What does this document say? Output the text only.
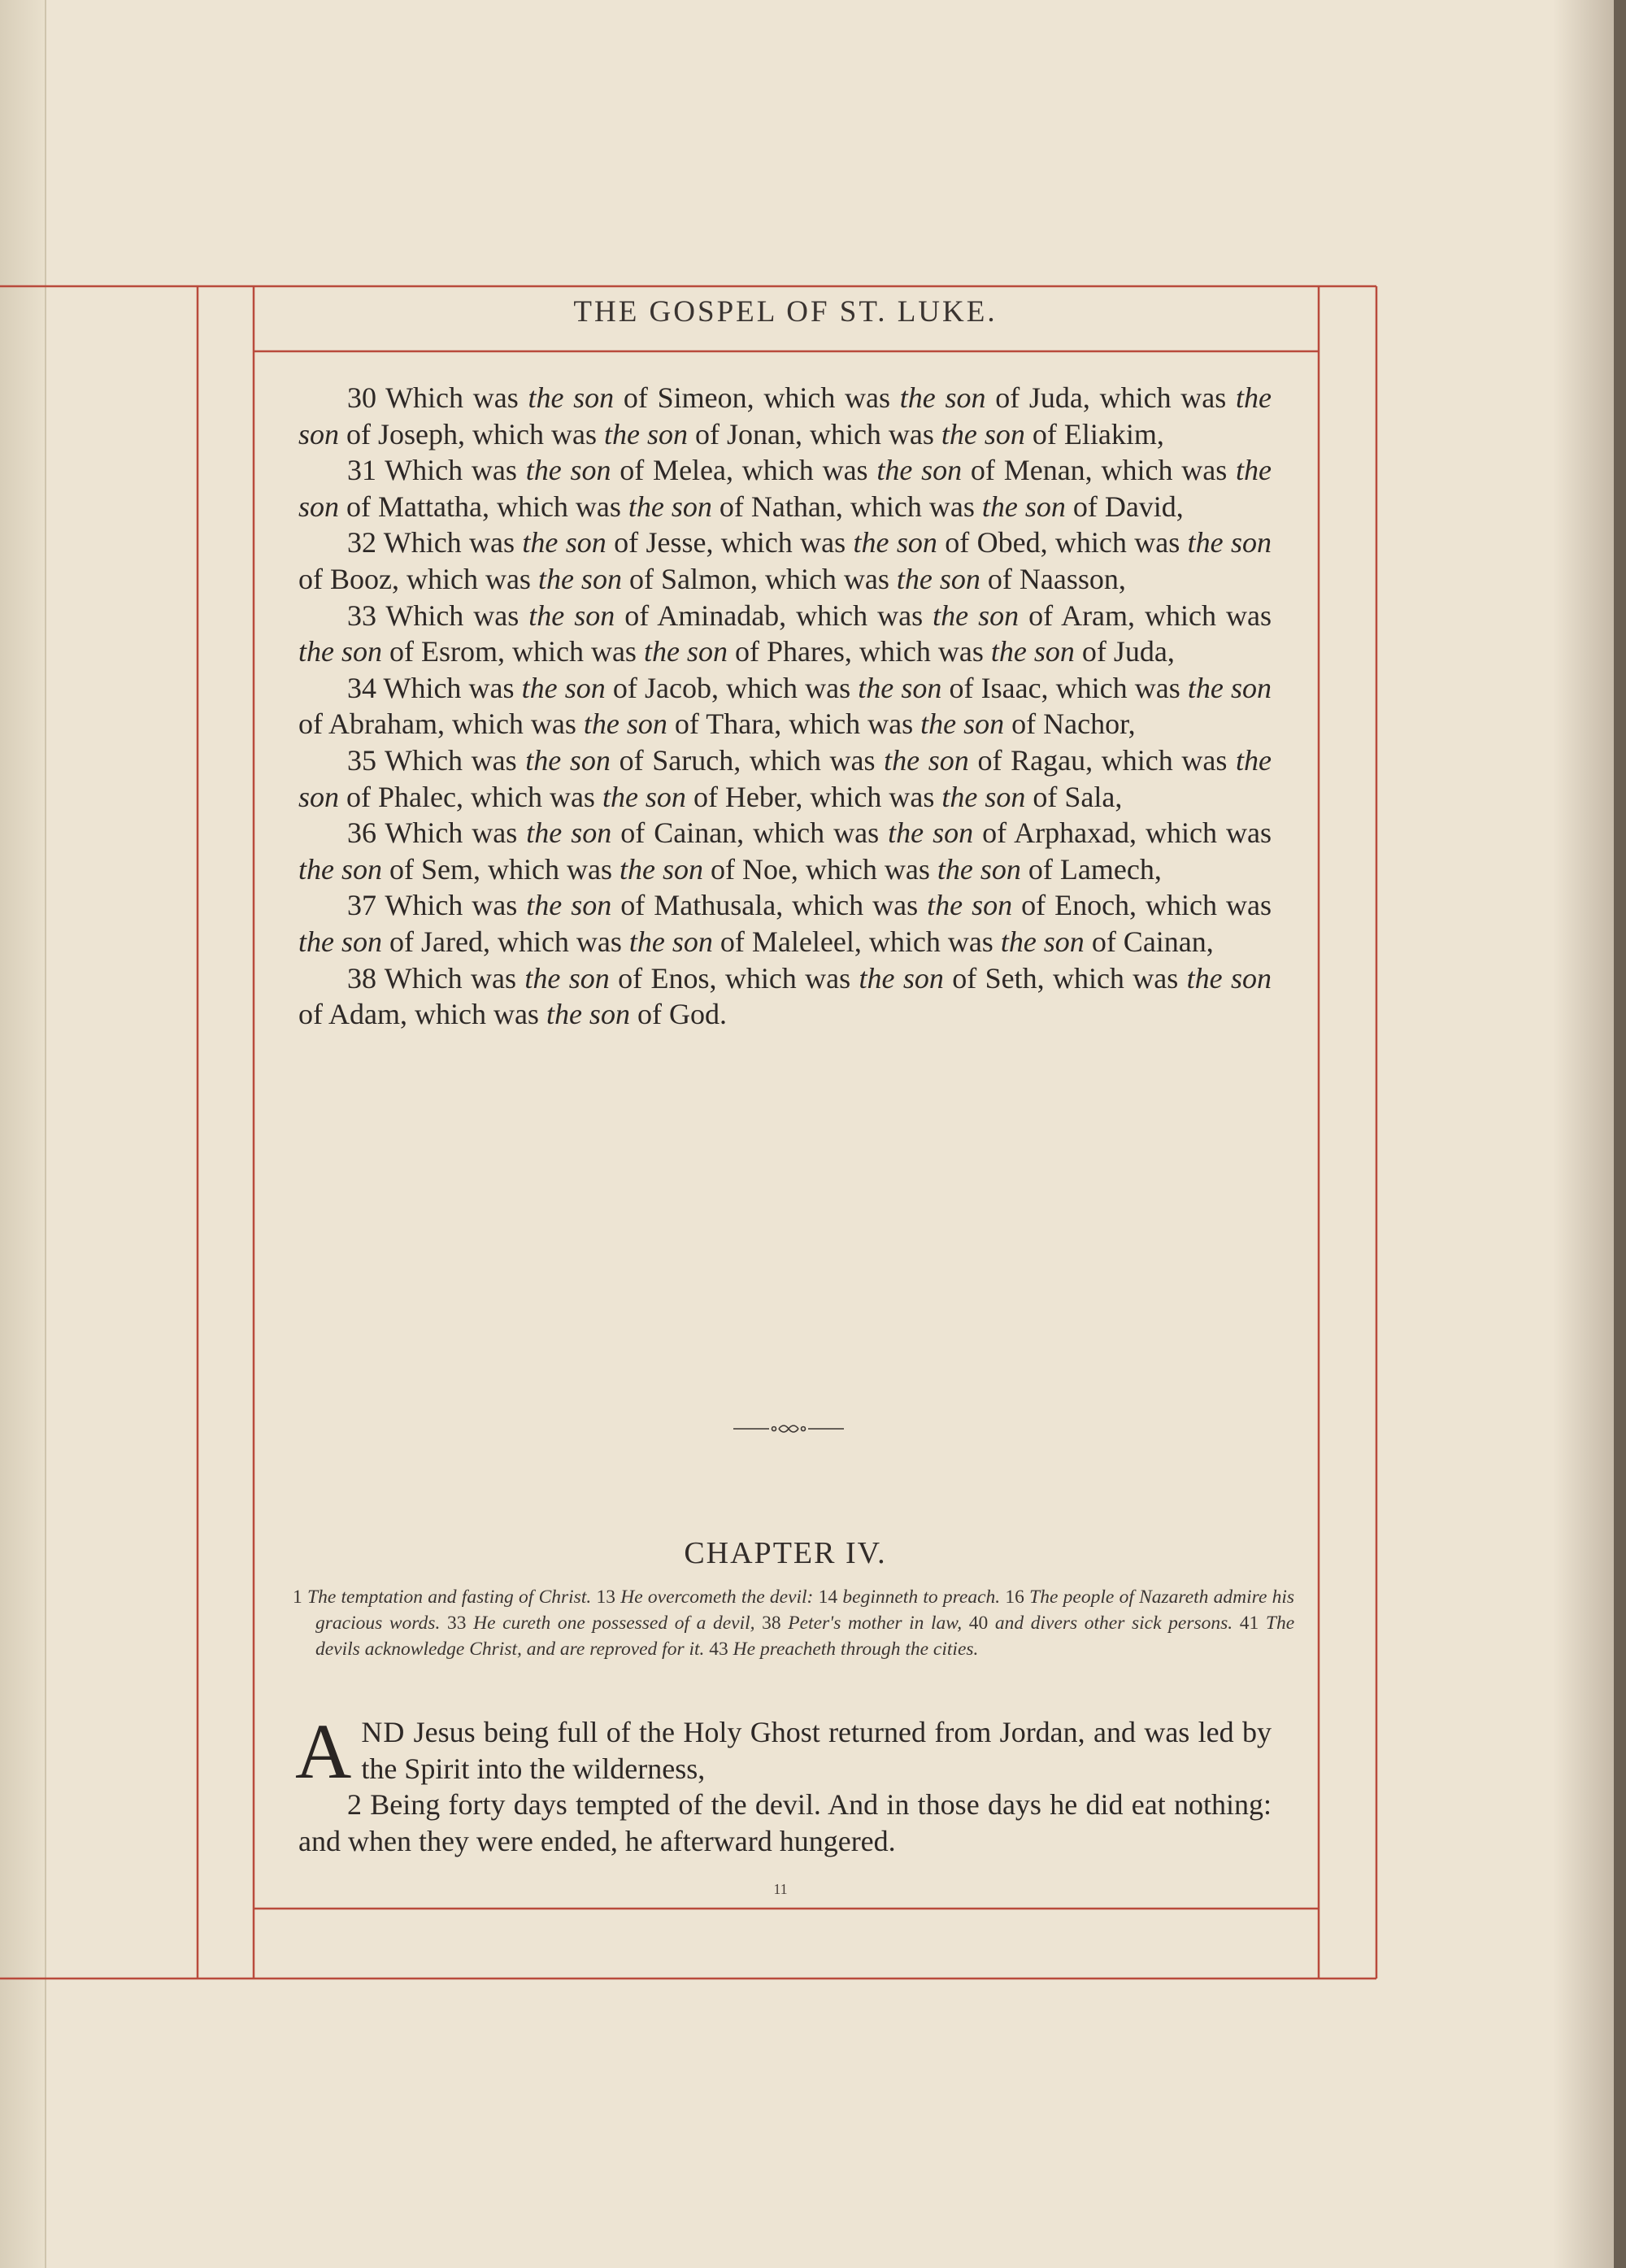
THE GOSPEL OF ST. LUKE.

30 Which was the son of Simeon, which was the son of Juda, which was the son of Joseph, which was the son of Jonan, which was the son of Eliakim,

31 Which was the son of Melea, which was the son of Menan, which was the son of Mattatha, which was the son of Nathan, which was the son of David,

32 Which was the son of Jesse, which was the son of Obed, which was the son of Booz, which was the son of Salmon, which was the son of Naasson,

33 Which was the son of Aminadab, which was the son of Aram, which was the son of Esrom, which was the son of Phares, which was the son of Juda,

34 Which was the son of Jacob, which was the son of Isaac, which was the son of Abraham, which was the son of Thara, which was the son of Nachor,

35 Which was the son of Saruch, which was the son of Ragau, which was the son of Phalec, which was the son of Heber, which was the son of Sala,

36 Which was the son of Cainan, which was the son of Arphaxad, which was the son of Sem, which was the son of Noe, which was the son of Lamech,

37 Which was the son of Mathusala, which was the son of Enoch, which was the son of Jared, which was the son of Maleleel, which was the son of Cainan,

38 Which was the son of Enos, which was the son of Seth, which was the son of Adam, which was the son of God.

CHAPTER IV.
1 The temptation and fasting of Christ. 13 He overcometh the devil: 14 beginneth to preach. 16 The people of Nazareth admire his gracious words. 33 He cureth one possessed of a devil, 38 Peter's mother in law, 40 and divers other sick persons. 41 The devils acknowledge Christ, and are reproved for it. 43 He preacheth through the cities.

AND Jesus being full of the Holy Ghost returned from Jordan, and was led by the Spirit into the wilderness,

2 Being forty days tempted of the devil. And in those days he did eat nothing: and when they were ended, he afterward hungered.

11
